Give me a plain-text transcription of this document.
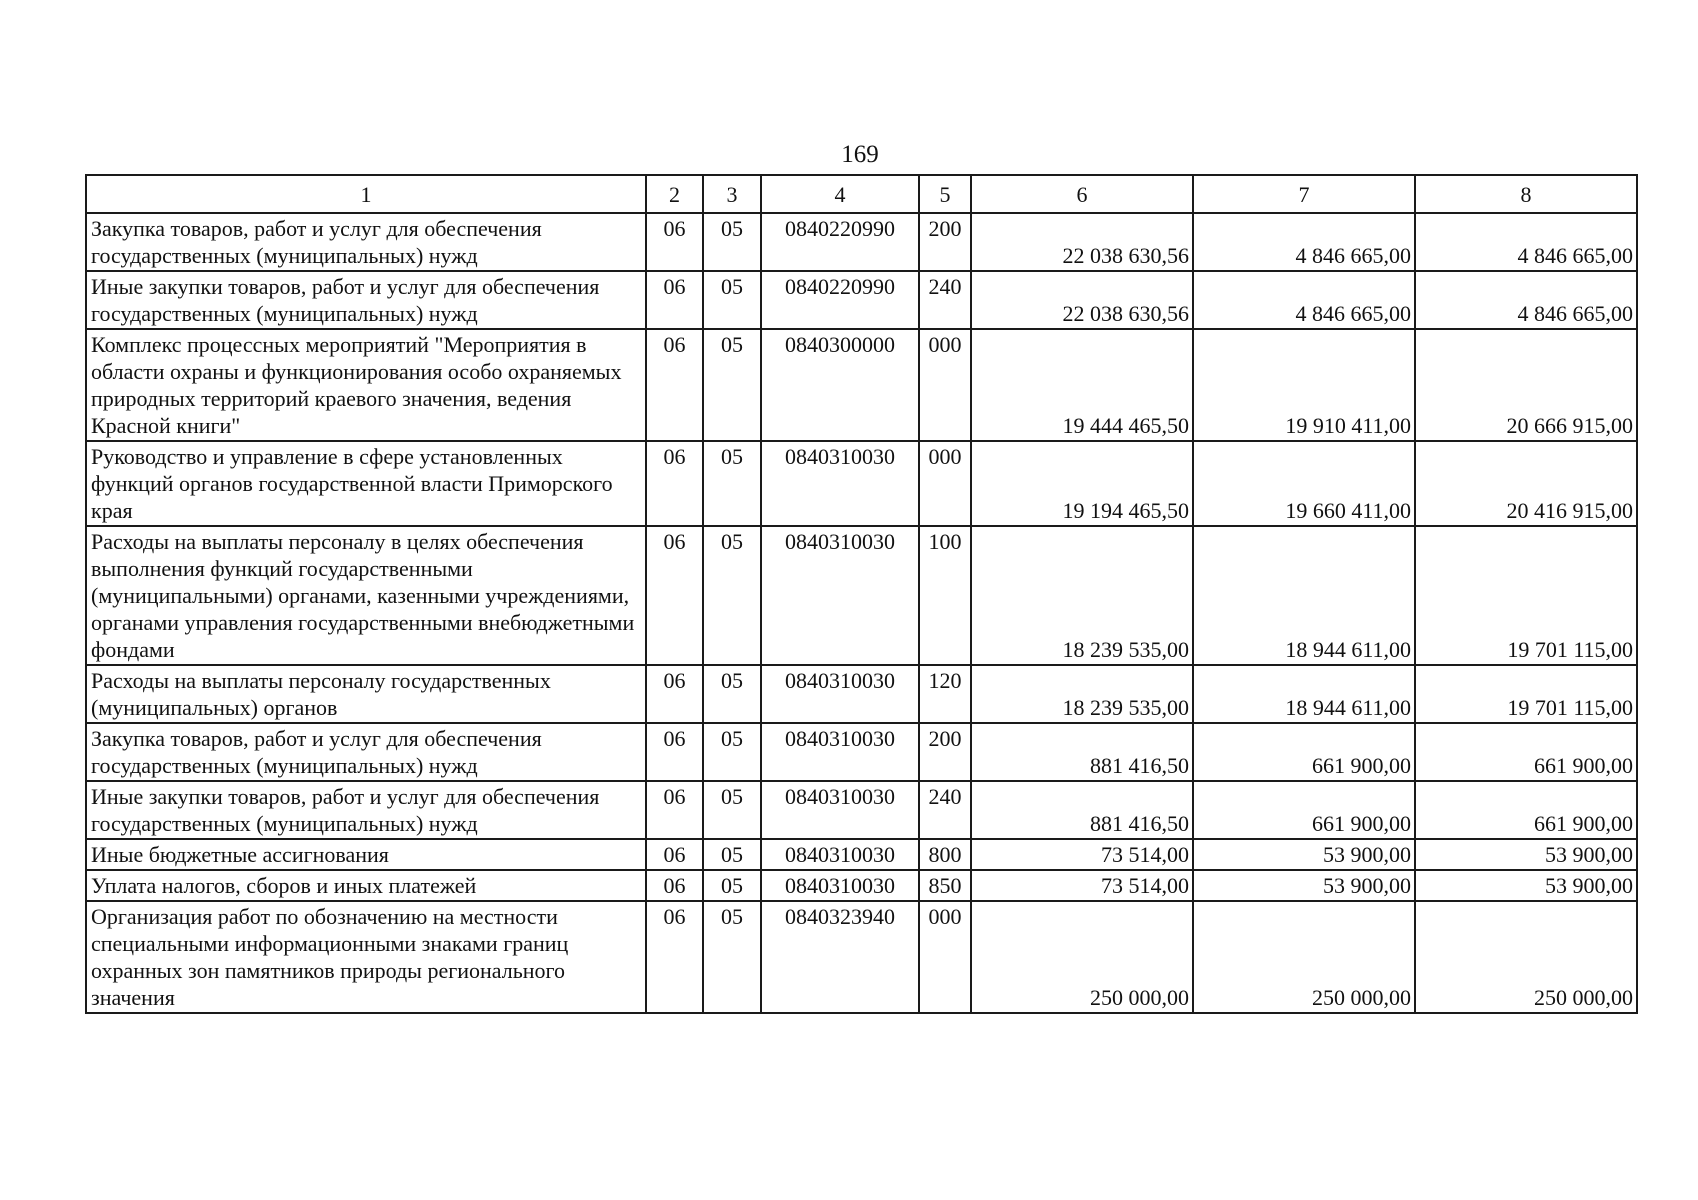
169
1	2	3	4	5	6	7	8
Закупка товаров, работ и услуг для обеспечения государственных (муниципальных) нужд	06	05	0840220990	200	22 038 630,56	4 846 665,00	4 846 665,00
Иные закупки товаров, работ и услуг для обеспечения государственных (муниципальных) нужд	06	05	0840220990	240	22 038 630,56	4 846 665,00	4 846 665,00
Комплекс процессных мероприятий "Мероприятия в области охраны и функционирования особо охраняемых природных территорий краевого значения, ведения Красной книги"	06	05	0840300000	000	19 444 465,50	19 910 411,00	20 666 915,00
Руководство и управление в сфере установленных функций органов государственной власти Приморского края	06	05	0840310030	000	19 194 465,50	19 660 411,00	20 416 915,00
Расходы на выплаты персоналу в целях обеспечения выполнения функций государственными (муниципальными) органами, казенными учреждениями, органами управления государственными внебюджетными фондами	06	05	0840310030	100	18 239 535,00	18 944 611,00	19 701 115,00
Расходы на выплаты персоналу государственных (муниципальных) органов	06	05	0840310030	120	18 239 535,00	18 944 611,00	19 701 115,00
Закупка товаров, работ и услуг для обеспечения государственных (муниципальных) нужд	06	05	0840310030	200	881 416,50	661 900,00	661 900,00
Иные закупки товаров, работ и услуг для обеспечения государственных (муниципальных) нужд	06	05	0840310030	240	881 416,50	661 900,00	661 900,00
Иные бюджетные ассигнования	06	05	0840310030	800	73 514,00	53 900,00	53 900,00
Уплата налогов, сборов и иных платежей	06	05	0840310030	850	73 514,00	53 900,00	53 900,00
Организация работ по обозначению на местности специальными информационными знаками границ охранных зон памятников природы регионального значения	06	05	0840323940	000	250 000,00	250 000,00	250 000,00
